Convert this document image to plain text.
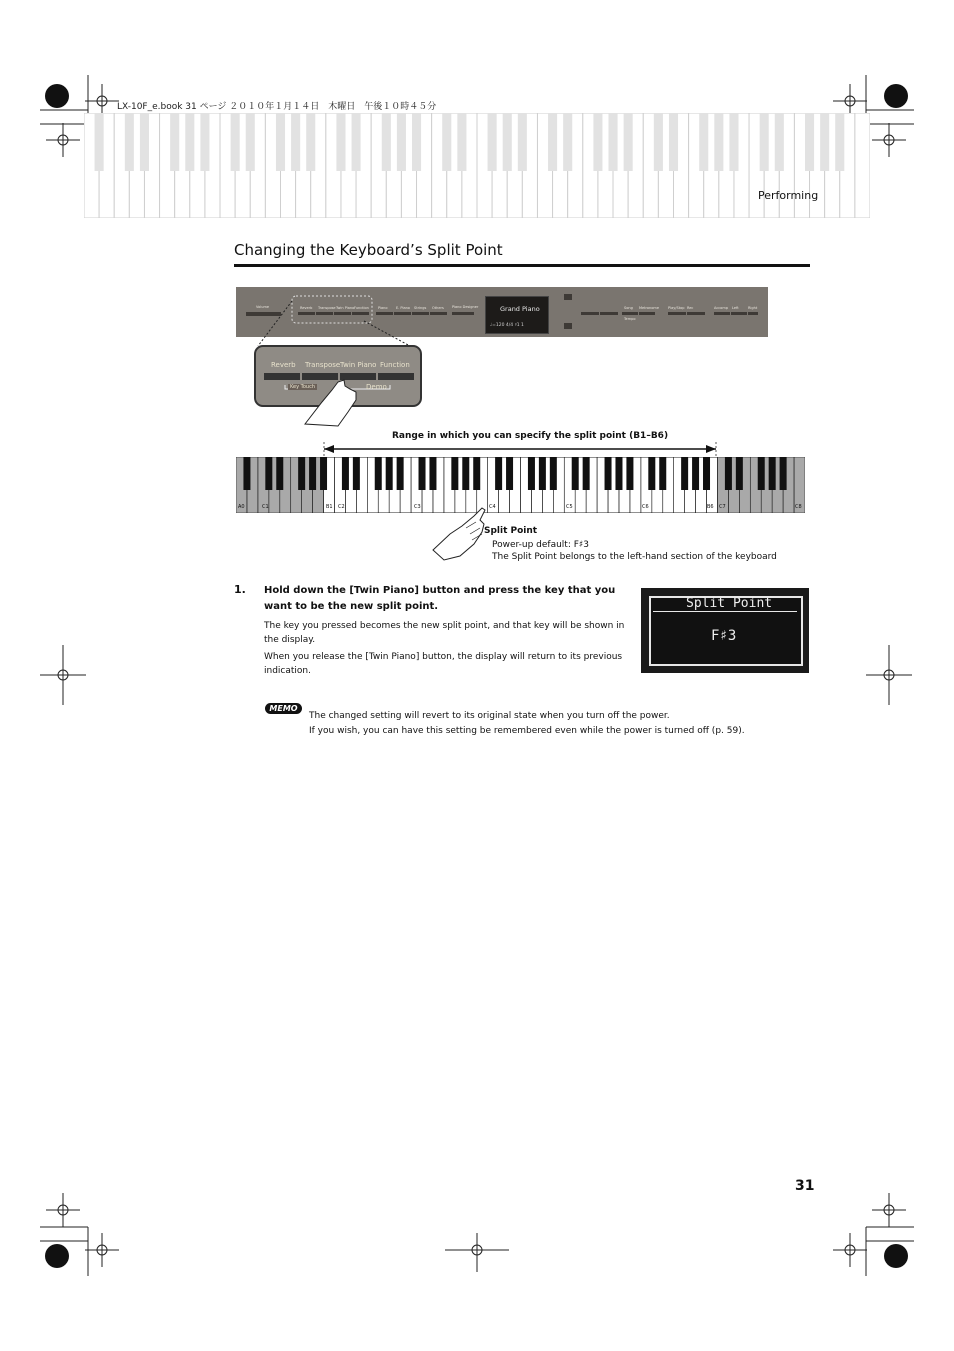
LX-10F_e.book 31 ページ ２０１０年１月１４日　木曜日　午後１０時４５分
Performing
Changing the Keyboard’s Split Point
Volume	Reverb Transpose Twin Piano Function	Piano E. Piano Strings Others Piano Designer	Song Metronome	Play/Stop Rec
Tempo
Accomp Left	Right
Grand Piano
♩=120 4/4 ♯1 1
Reverb Transpose Twin Piano Function
Key Touch	Demo
Range in which you can specify the split point (B1–B6)
A0	C1	B1 C2	C3	C4	C5	C6	B6 C7	C8
Split Point
Power-up default: F♯3
The Split Point belongs to the left-hand section of the keyboard
1. Hold down the [Twin Piano] button and press the key that you want to be the new split point.
The key you pressed becomes the new split point, and that key will be shown in the display.
When you release the [Twin Piano] button, the display will return to its previous indication.
Split Point
F♯3
MEMO
The changed setting will revert to its original state when you turn off the power.
If you wish, you can have this setting be remembered even while the power is turned off (p. 59).
31
